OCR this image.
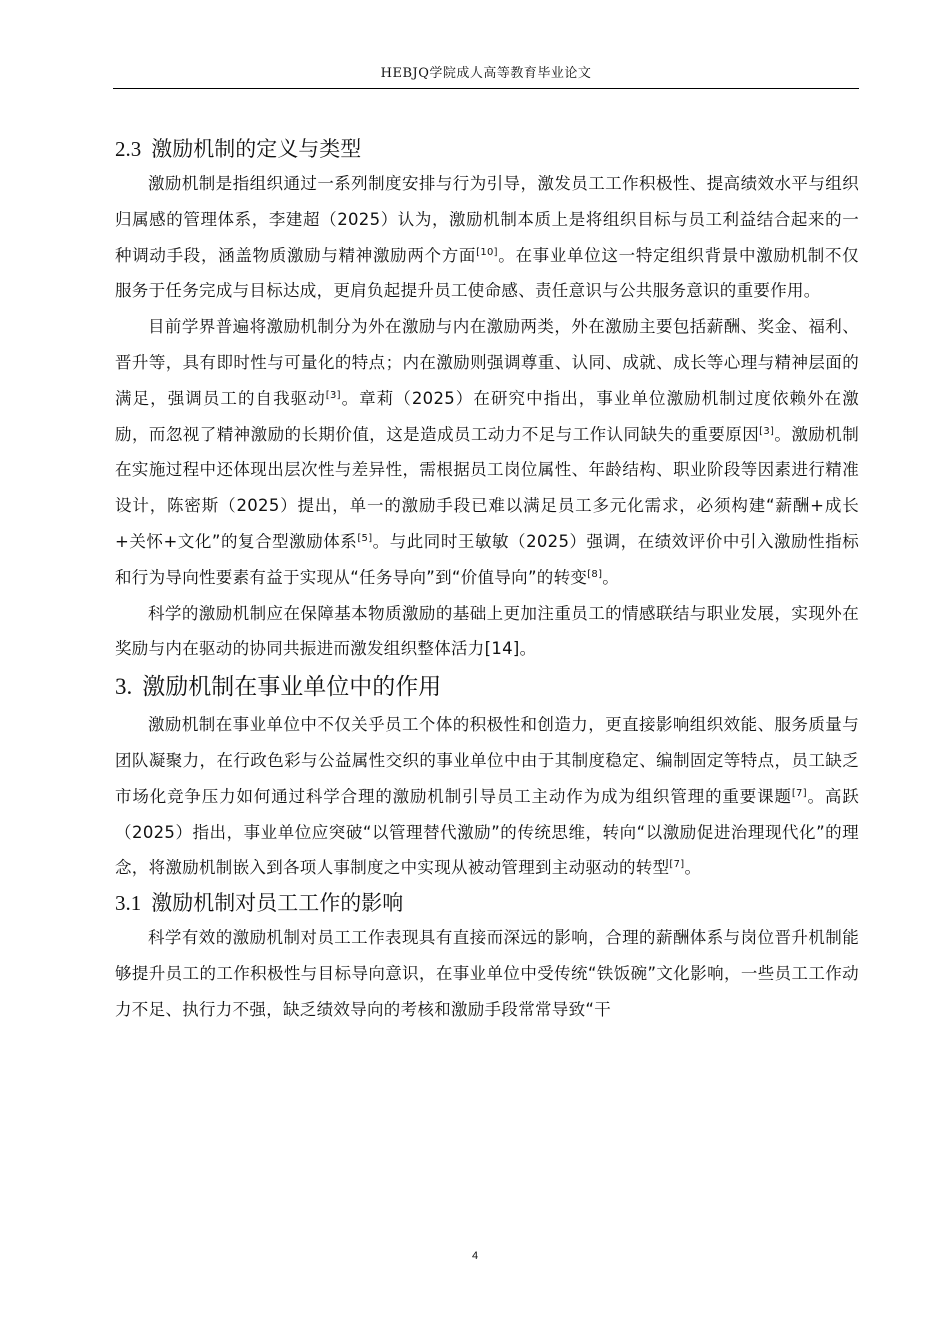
HEBJQ学院成人高等教育毕业论文
2.3 激励机制的定义与类型

激励机制是指组织通过一系列制度安排与行为引导，激发员工工作积极性、提高绩效水平与组织归属感的管理体系，李建超（2025）认为，激励机制本质上是将组织目标与员工利益结合起来的一种调动手段，涵盖物质激励与精神激励两个方面[10]。在事业单位这一特定组织背景中激励机制不仅服务于任务完成与目标达成，更肩负起提升员工使命感、责任意识与公共服务意识的重要作用。

目前学界普遍将激励机制分为外在激励与内在激励两类，外在激励主要包括薪酬、奖金、福利、晋升等，具有即时性与可量化的特点；内在激励则强调尊重、认同、成就、成长等心理与精神层面的满足，强调员工的自我驱动[3]。章莉（2025）在研究中指出，事业单位激励机制过度依赖外在激励，而忽视了精神激励的长期价值，这是造成员工动力不足与工作认同缺失的重要原因[3]。激励机制在实施过程中还体现出层次性与差异性，需根据员工岗位属性、年龄结构、职业阶段等因素进行精准设计，陈密斯（2025）提出，单一的激励手段已难以满足员工多元化需求，必须构建“薪酬+成长+关怀+文化”的复合型激励体系[5]。与此同时王敏敏（2025）强调，在绩效评价中引入激励性指标和行为导向性要素有益于实现从“任务导向”到“价值导向”的转变[8]。

科学的激励机制应在保障基本物质激励的基础上更加注重员工的情感联结与职业发展，实现外在奖励与内在驱动的协同共振进而激发组织整体活力[14]。

3. 激励机制在事业单位中的作用

激励机制在事业单位中不仅关乎员工个体的积极性和创造力，更直接影响组织效能、服务质量与团队凝聚力，在行政色彩与公益属性交织的事业单位中由于其制度稳定、编制固定等特点，员工缺乏市场化竞争压力如何通过科学合理的激励机制引导员工主动作为成为组织管理的重要课题[7]。高跃（2025）指出，事业单位应突破“以管理替代激励”的传统思维，转向“以激励促进治理现代化”的理念，将激励机制嵌入到各项人事制度之中实现从被动管理到主动驱动的转型[7]。

3.1 激励机制对员工工作的影响

科学有效的激励机制对员工工作表现具有直接而深远的影响，合理的薪酬体系与岗位晋升机制能够提升员工的工作积极性与目标导向意识，在事业单位中受传统“铁饭碗”文化影响，一些员工工作动力不足、执行力不强，缺乏绩效导向的考核和激励手段常常导致“干

4
